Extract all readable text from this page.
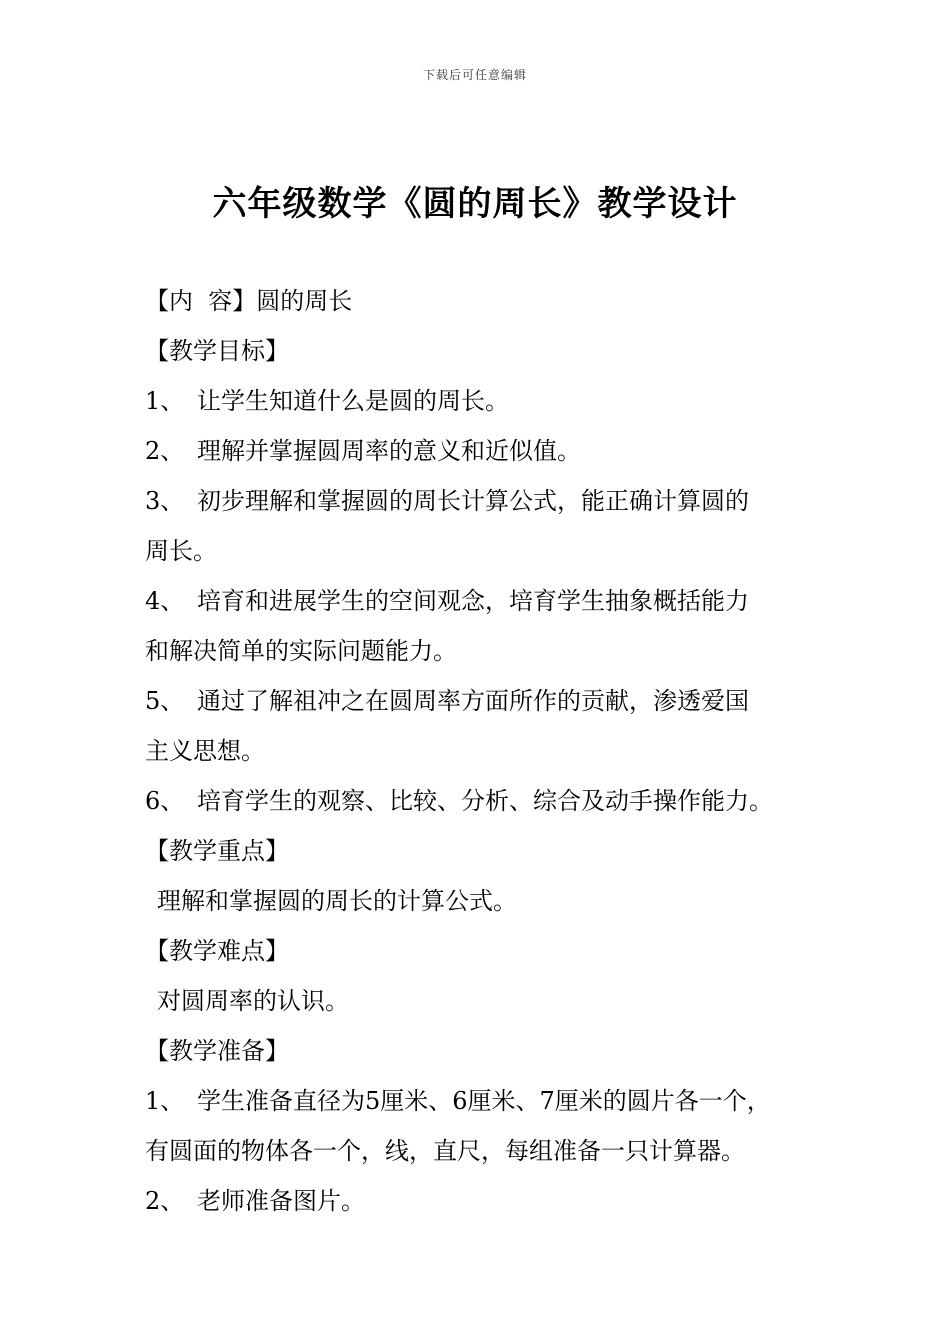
下载后可任意编辑
六年级数学《圆的周长》教学设计
【内  容】圆的周长
【教学目标】
1、 让学生知道什么是圆的周长。
2、 理解并掌握圆周率的意义和近似值。
3、 初步理解和掌握圆的周长计算公式，能正确计算圆的
周长。
4、 培育和进展学生的空间观念，培育学生抽象概括能力
和解决简单的实际问题能力。
5、 通过了解祖冲之在圆周率方面所作的贡献，渗透爱国
主义思想。
6、 培育学生的观察、比较、分析、综合及动手操作能力。
【教学重点】
理解和掌握圆的周长的计算公式。
【教学难点】
对圆周率的认识。
【教学准备】
1、 学生准备直径为5厘米、6厘米、7厘米的圆片各一个，
有圆面的物体各一个，线，直尺，每组准备一只计算器。
2、 老师准备图片。
